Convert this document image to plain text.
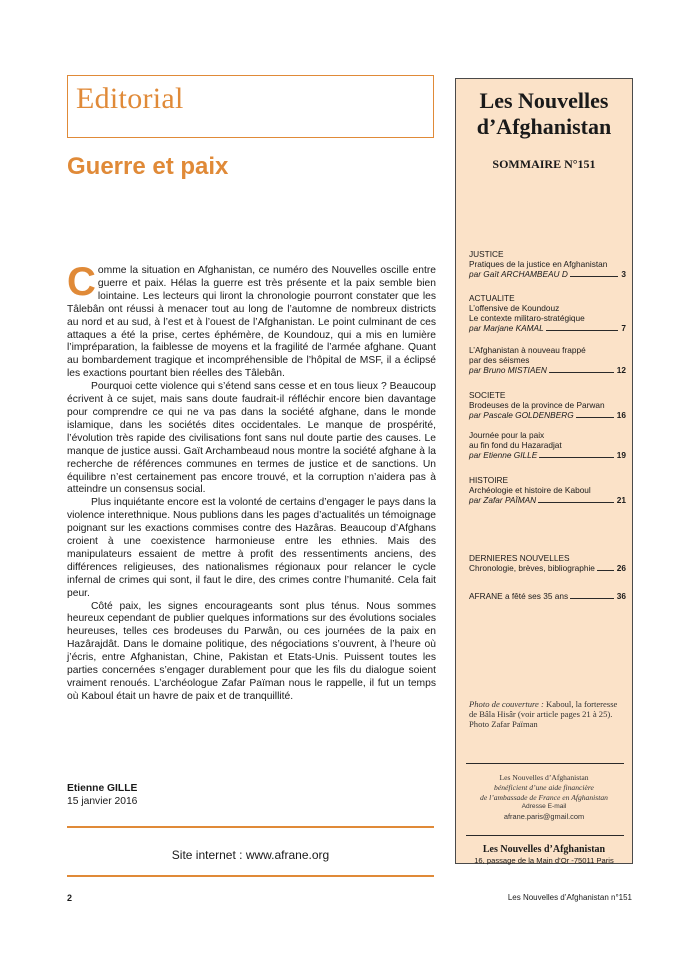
Editorial
Guerre et paix

Comme la situation en Afghanistan, ce numéro des Nouvelles oscille entre guerre et paix. Hélas la guerre est très présente et la paix semble bien lointaine. Les lecteurs qui liront la chronologie pourront constater que les Tâlebân ont réussi à menacer tout au long de l’automne de nombreux districts au nord et au sud, à l’est et à l’ouest de l’Afghanistan. Le point culminant de ces attaques a été la prise, certes éphémère, de Koundouz, qui a mis en lumière l’impréparation, la faiblesse de moyens et la fragilité de l’armée afghane. Quant au bombardement tragique et incompréhensible de l’hôpital de MSF, il a éclipsé les exactions pourtant bien réelles des Tâlebân.

Pourquoi cette violence qui s’étend sans cesse et en tous lieux ? Beaucoup écrivent à ce sujet, mais sans doute faudrait-il réfléchir encore bien davantage pour comprendre ce qui ne va pas dans la société afghane, dans le monde islamique, dans les sociétés dites occidentales. Le manque de prospérité, l’évolution très rapide des civilisations font sans nul doute partie des causes. Le manque de justice aussi. Gaït Archambeaud nous montre la société afghane à la recherche de références communes en termes de justice et de sanctions. Un équilibre n’est certainement pas encore trouvé, et la corruption n’aidera pas à atteindre un consensus social.

Plus inquiétante encore est la volonté de certains d’engager le pays dans la violence interethnique. Nous publions dans les pages d’actualités un témoignage poignant sur les exactions commises contre des Hazâras. Beaucoup d’Afghans croient à une coexistence harmonieuse entre les ethnies. Mais des manipulateurs essaient de mettre à profit des ressentiments anciens, des différences religieuses, des nationalismes régionaux pour relancer le cycle infernal de crimes qui sont, il faut le dire, des crimes contre l’humanité. Cela fait peur.

Côté paix, les signes encourageants sont plus ténus. Nous sommes heureux cependant de publier quelques informations sur des évolutions sociales heureuses, telles ces brodeuses du Parwân, ou ces journées de la paix en Hazârajdât. Dans le domaine politique, des négociations s’ouvrent, à l’heure où j’écris, entre Afghanistan, Chine, Pakistan et Etats-Unis. Puissent toutes les parties concernées s’engager durablement pour que les fils du dialogue soient vraiment renoués. L’archéologue Zafar Païman nous le rappelle, il fut un temps où Kaboul était un havre de paix et de tranquillité.

Etienne GILLE
15 janvier 2016
Site internet : www.afrane.org
2	Les Nouvelles d’Afghanistan n°151
Les Nouvelles
d’Afghanistan
SOMMAIRE N°151
JUSTICE
Pratiques de la justice en Afghanistan
par Gaït ARCHAMBEAU D	3
ACTUALITE
L’offensive de Koundouz
Le contexte militaro-stratégique
par Marjane KAMAL	7
L’Afghanistan à nouveau frappé
par des séismes
par Bruno MISTIAEN	12
SOCIETE
Brodeuses de la province de Parwan
par Pascale GOLDENBERG	16
Journée pour la paix
au fin fond du Hazaradjat
par Etienne GILLE	19
HISTOIRE
Archéologie et histoire de Kaboul
par Zafar PAÏMAN	21
DERNIERES NOUVELLES
Chronologie, brèves, bibliographie	26
AFRANE a fêté ses 35 ans	36
Photo de couverture : Kaboul, la forteresse de Bâla Hisâr (voir article pages 21 à 25). Photo Zafar Païman
Les Nouvelles d’Afghanistan
bénéficient d’une aide financière
de l’ambassade de France en Afghanistan
Adresse E-mail
afrane.paris@gmail.com
Les Nouvelles d’Afghanistan
16, passage de la Main d’Or -75011 Paris
